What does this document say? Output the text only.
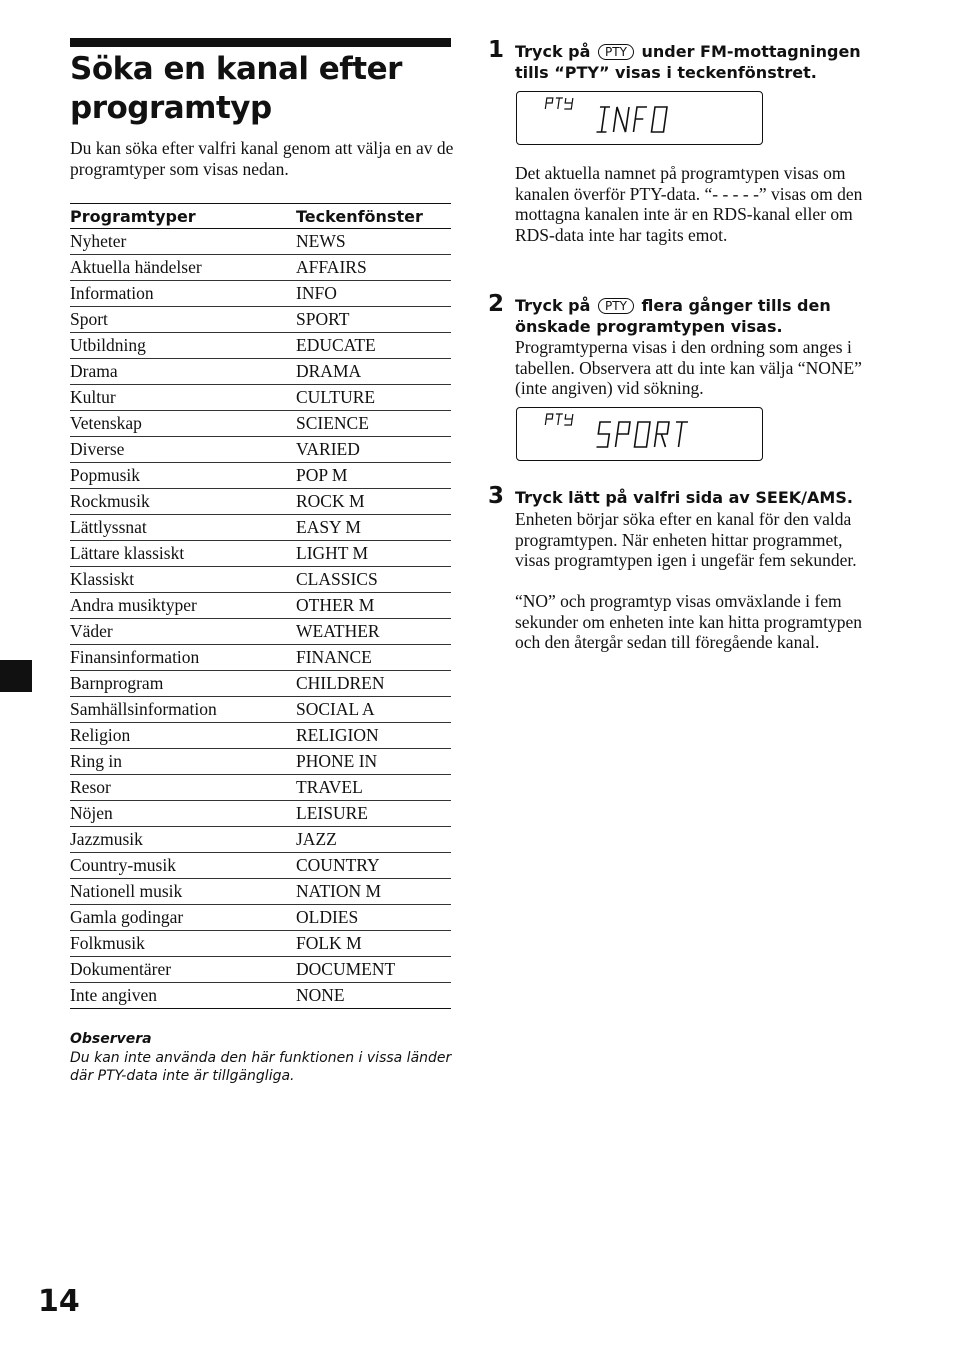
Söka en kanal efter programtyp

Du kan söka efter valfri kanal genom att välja en av de programtyper som visas nedan.

Programtyper	Teckenfönster
Nyheter	NEWS
Aktuella händelser	AFFAIRS
Information	INFO
Sport	SPORT
Utbildning	EDUCATE
Drama	DRAMA
Kultur	CULTURE
Vetenskap	SCIENCE
Diverse	VARIED
Popmusik	POP M
Rockmusik	ROCK M
Lättlyssnat	EASY M
Lättare klassiskt	LIGHT M
Klassiskt	CLASSICS
Andra musiktyper	OTHER M
Väder	WEATHER
Finansinformation	FINANCE
Barnprogram	CHILDREN
Samhällsinformation	SOCIAL A
Religion	RELIGION
Ring in	PHONE IN
Resor	TRAVEL
Nöjen	LEISURE
Jazzmusik	JAZZ
Country-musik	COUNTRY
Nationell musik	NATION M
Gamla godingar	OLDIES
Folkmusik	FOLK M
Dokumentärer	DOCUMENT
Inte angiven	NONE

Observera
Du kan inte använda den här funktionen i vissa länder där PTY-data inte är tillgängliga.

1 Tryck på PTY under FM-mottagningen tills “PTY” visas i teckenfönstret.

Det aktuella namnet på programtypen visas om kanalen överför PTY-data. “- - - - -” visas om den mottagna kanalen inte är en RDS-kanal eller om RDS-data inte har tagits emot.

2 Tryck på PTY flera gånger tills den önskade programtypen visas.

Programtyperna visas i den ordning som anges i tabellen. Observera att du inte kan välja “NONE” (inte angiven) vid sökning.

3 Tryck lätt på valfri sida av SEEK/AMS.

Enheten börjar söka efter en kanal för den valda programtypen. När enheten hittar programmet, visas programtypen igen i ungefär fem sekunder.

“NO” och programtyp visas omväxlande i fem sekunder om enheten inte kan hitta programtypen och den återgår sedan till föregående kanal.

14
